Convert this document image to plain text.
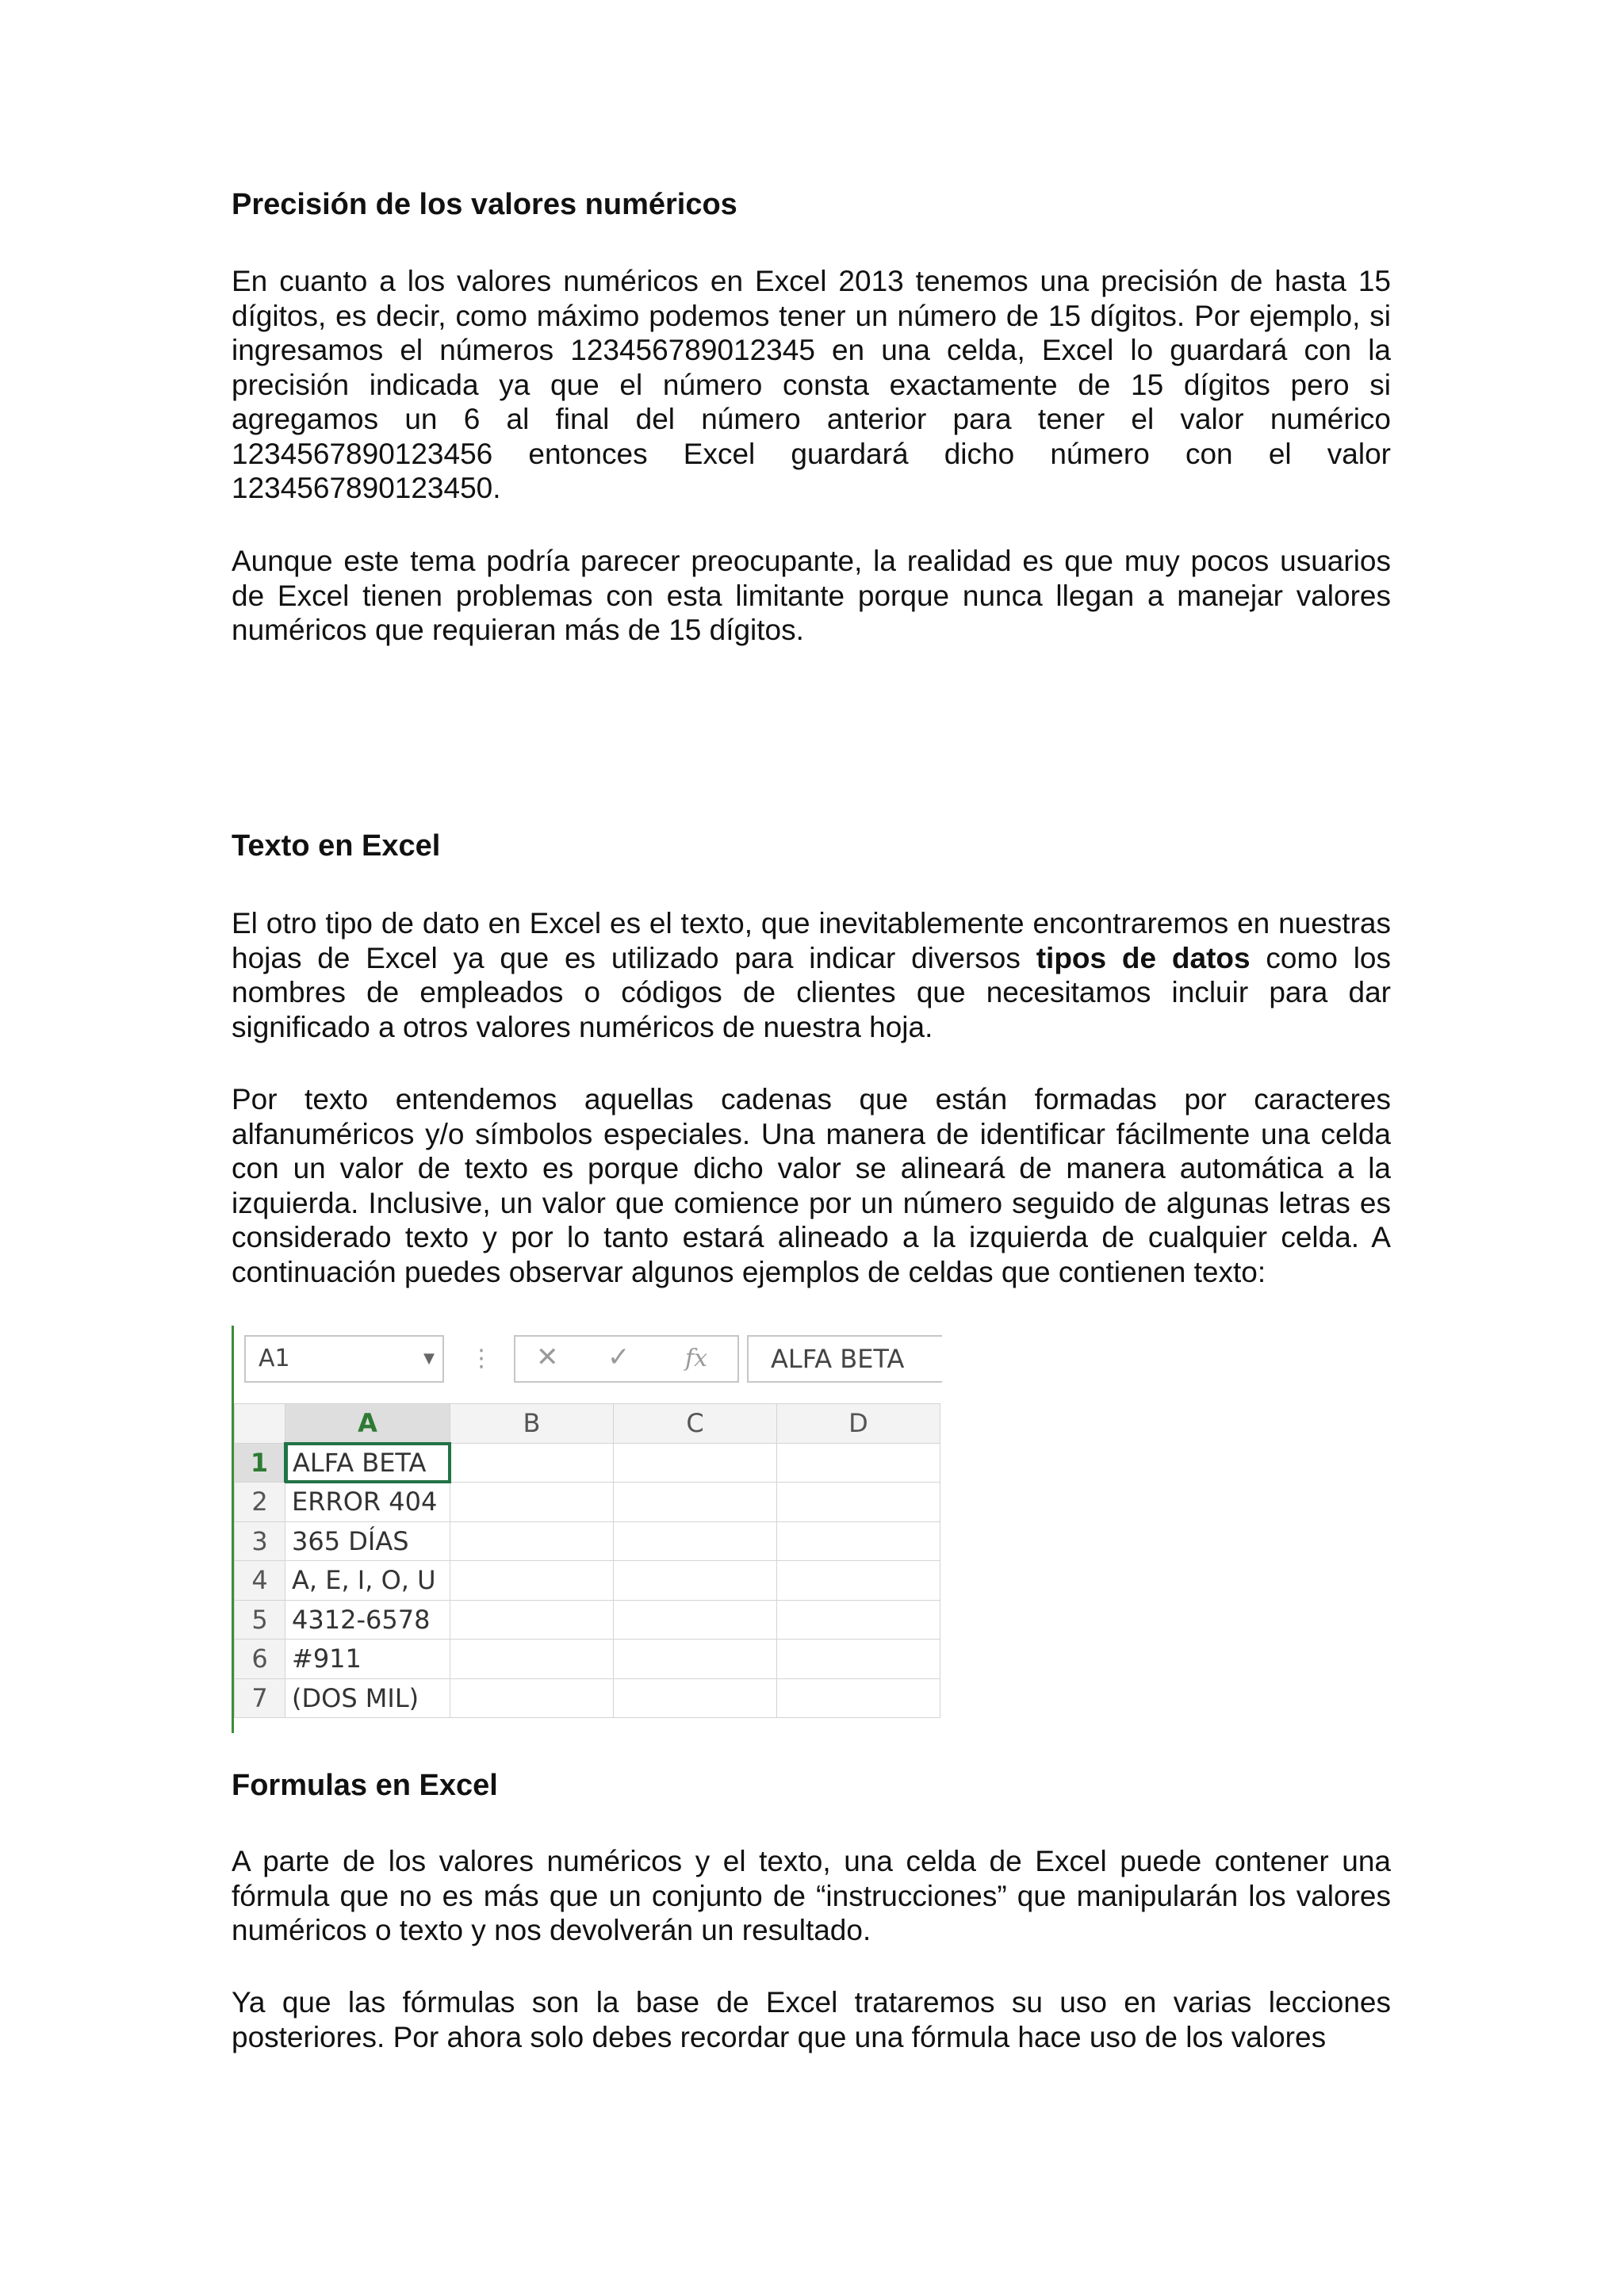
Precisión de los valores numéricos

En cuanto a los valores numéricos en Excel 2013 tenemos una precisión de hasta 15 dígitos, es decir, como máximo podemos tener un número de 15 dígitos. Por ejemplo, si ingresamos el números 123456789012345 en una celda, Excel lo guardará con la precisión indicada ya que el número consta exactamente de 15 dígitos pero si agregamos un 6 al final del número anterior para tener el valor numérico 1234567890123456 entonces Excel guardará dicho número con el valor 1234567890123450.

Aunque este tema podría parecer preocupante, la realidad es que muy pocos usuarios de Excel tienen problemas con esta limitante porque nunca llegan a manejar valores numéricos que requieran más de 15 dígitos.

Texto en Excel

El otro tipo de dato en Excel es el texto, que inevitablemente encontraremos en nuestras hojas de Excel ya que es utilizado para indicar diversos tipos de datos como los nombres de empleados o códigos de clientes que necesitamos incluir para dar significado a otros valores numéricos de nuestra hoja.

Por texto entendemos aquellas cadenas que están formadas por caracteres alfanuméricos y/o símbolos especiales. Una manera de identificar fácilmente una celda con un valor de texto es porque dicho valor se alineará de manera automática a la izquierda. Inclusive, un valor que comience por un número seguido de algunas letras es considerado texto y por lo tanto estará alineado a la izquierda de cualquier celda. A continuación puedes observar algunos ejemplos de celdas que contienen texto:

A1	▼ ⋮ ✕ ✓ fx	ALFA BETA
	A	B	C	D
1	ALFA BETA			
2	ERROR 404			
3	365 DÍAS			
4	A, E, I, O, U			
5	4312-6578			
6	#911			
7	(DOS MIL)			
Formulas en Excel

A parte de los valores numéricos y el texto, una celda de Excel puede contener una fórmula que no es más que un conjunto de “instrucciones” que manipularán los valores numéricos o texto y nos devolverán un resultado.

Ya que las fórmulas son la base de Excel trataremos su uso en varias lecciones posteriores. Por ahora solo debes recordar que una fórmula hace uso de los valores
